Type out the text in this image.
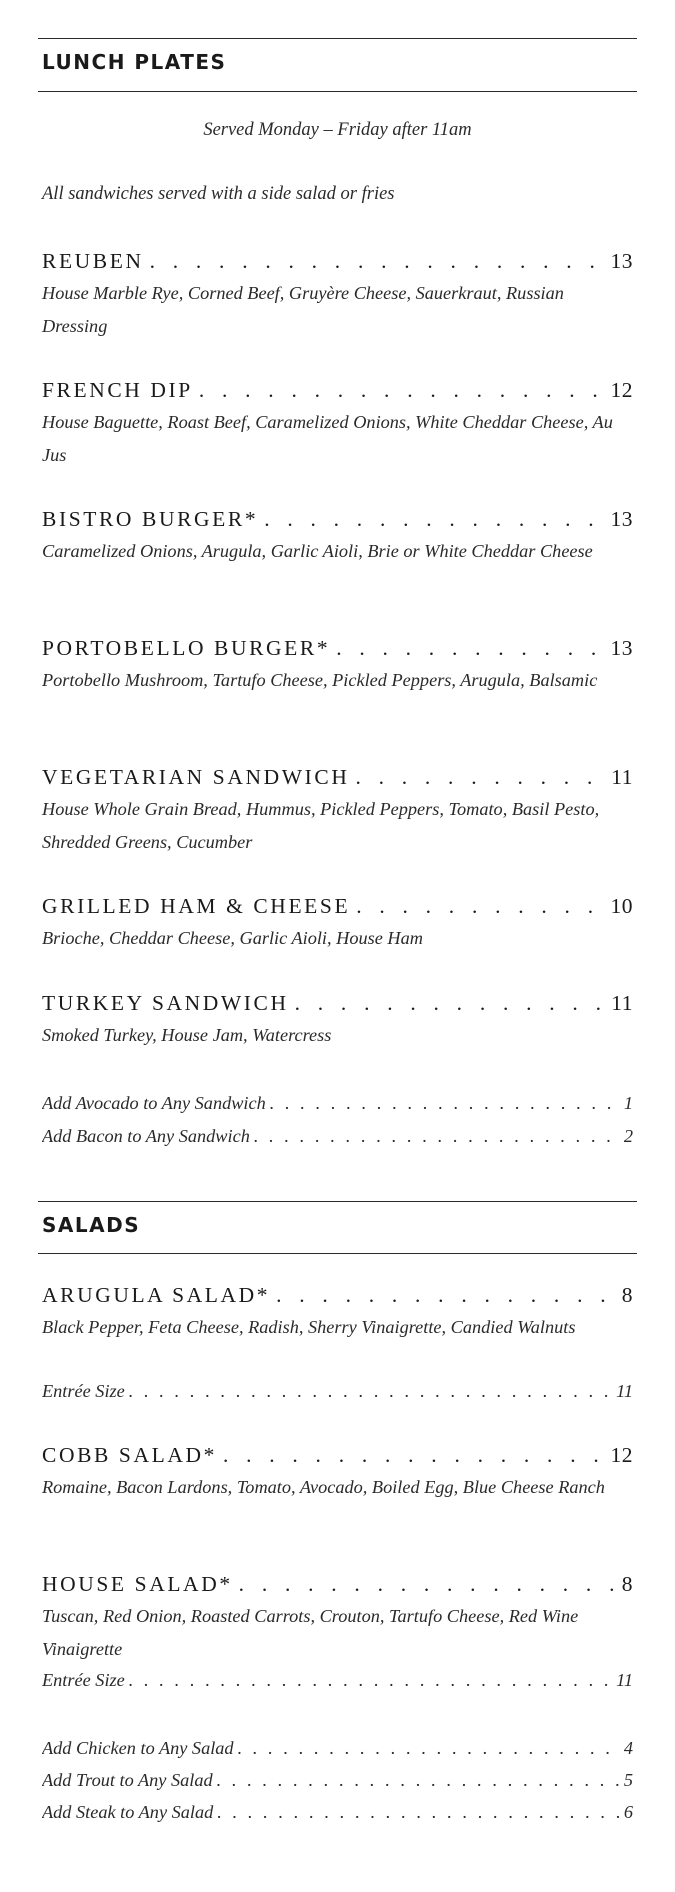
LUNCH PLATES
Served Monday – Friday after 11am
All sandwiches served with a side salad or fries
REUBEN . . .	13
House Marble Rye, Corned Beef, Gruyère Cheese, Sauerkraut, Russian Dressing
FRENCH DIP . . .	12
House Baguette, Roast Beef, Caramelized Onions, White Cheddar Cheese, Au Jus
BISTRO BURGER* . . .	13
Caramelized Onions, Arugula, Garlic Aioli, Brie or White Cheddar Cheese
PORTOBELLO BURGER* . . .	13
Portobello Mushroom, Tartufo Cheese, Pickled Peppers, Arugula, Balsamic
VEGETARIAN SANDWICH . . .	11
House Whole Grain Bread, Hummus, Pickled Peppers, Tomato, Basil Pesto, Shredded Greens, Cucumber
GRILLED HAM & CHEESE . . .	10
Brioche, Cheddar Cheese, Garlic Aioli, House Ham
TURKEY SANDWICH . . .	11
Smoked Turkey, House Jam, Watercress
Add Avocado to Any Sandwich . . .	1
Add Bacon to Any Sandwich . . .	2
SALADS
ARUGULA SALAD* . . .	8
Black Pepper, Feta Cheese, Radish, Sherry Vinaigrette, Candied Walnuts
Entrée Size . . .	11
COBB SALAD* . . .	12
Romaine, Bacon Lardons, Tomato, Avocado, Boiled Egg, Blue Cheese Ranch
HOUSE SALAD* . . .	8
Tuscan, Red Onion, Roasted Carrots, Crouton, Tartufo Cheese, Red Wine Vinaigrette
Entrée Size . . .	11
Add Chicken to Any Salad . . .	4
Add Trout to Any Salad . . .	5
Add Steak to Any Salad . . .	6
